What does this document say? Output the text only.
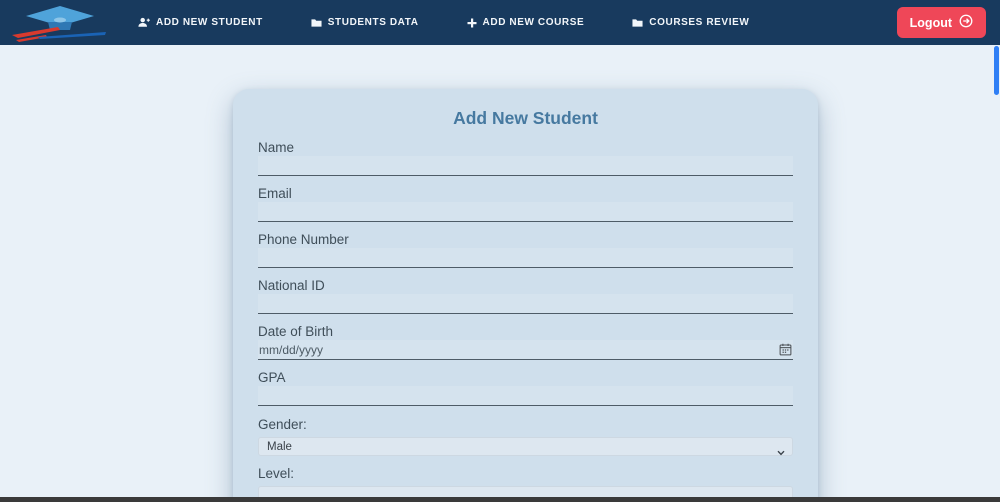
ADD NEW STUDENT	STUDENTS DATA	ADD NEW COURSE	COURSES REVIEW	Logout
Add New Student
Name
Email
Phone Number
National ID
Date of Birth
mm/dd/yyyy
GPA
Gender:
Male
Level:
